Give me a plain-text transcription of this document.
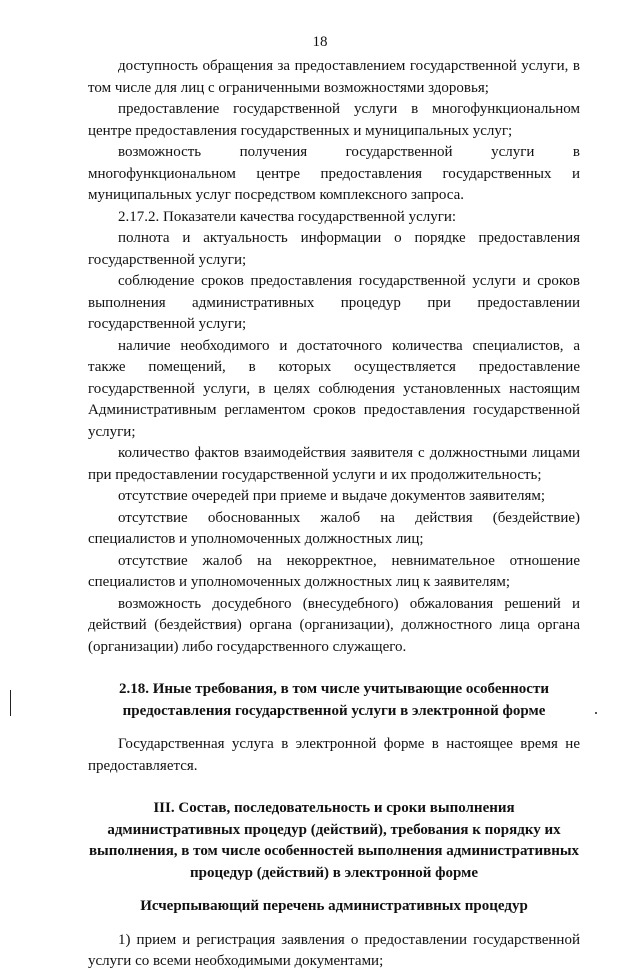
18

доступность обращения за предоставлением государственной услуги, в том числе для лиц с ограниченными возможностями здоровья;

предоставление государственной услуги в многофункциональном центре предоставления государственных и муниципальных услуг;

возможность получения государственной услуги в многофункциональном центре предоставления государственных и муниципальных услуг посредством комплексного запроса.

2.17.2. Показатели качества государственной услуги:

полнота и актуальность информации о порядке предоставления государственной услуги;

соблюдение сроков предоставления государственной услуги и сроков выполнения административных процедур при предоставлении государственной услуги;

наличие необходимого и достаточного количества специалистов, а также помещений, в которых осуществляется предоставление государственной услуги, в целях соблюдения установленных настоящим Административным регламентом сроков предоставления государственной услуги;

количество фактов взаимодействия заявителя с должностными лицами при предоставлении государственной услуги и их продолжительность;

отсутствие очередей при приеме и выдаче документов заявителям;

отсутствие обоснованных жалоб на действия (бездействие) специалистов и уполномоченных должностных лиц;

отсутствие жалоб на некорректное, невнимательное отношение специалистов и уполномоченных должностных лиц к заявителям;

возможность досудебного (внесудебного) обжалования решений и действий (бездействия) органа (организации), должностного лица органа (организации) либо государственного служащего.

2.18. Иные требования, в том числе учитывающие особенности предоставления государственной услуги в электронной форме

Государственная услуга в электронной форме в настоящее время не предоставляется.

III. Состав, последовательность и сроки выполнения административных процедур (действий), требования к порядку их выполнения, в том числе особенностей выполнения административных процедур (действий) в электронной форме

Исчерпывающий перечень административных процедур

1) прием и регистрация заявления о предоставлении государственной услуги со всеми необходимыми документами;
